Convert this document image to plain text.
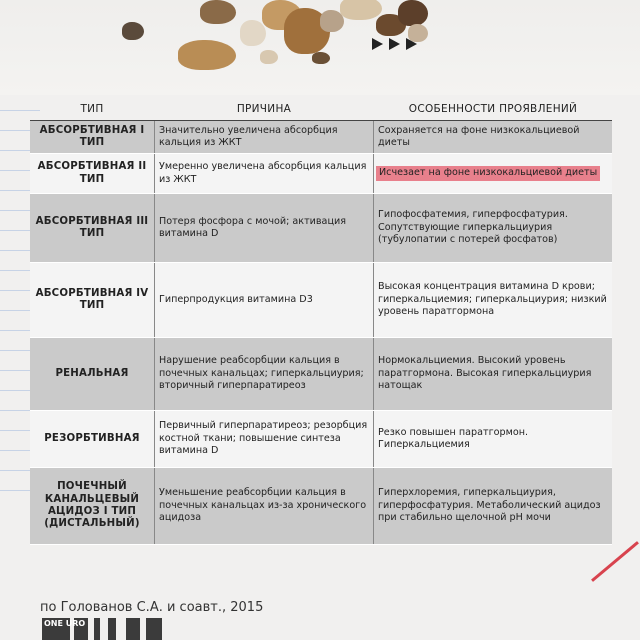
ТИП	ПРИЧИНА	ОСОБЕННОСТИ ПРОЯВЛЕНИЙ
АБСОРБТИВНАЯ I ТИП
Значительно увеличена абсорбция кальция из ЖКТ
Сохраняется на фоне низкокальциевой диеты
АБСОРБТИВНАЯ II ТИП
Умеренно увеличена абсорбция кальция из ЖКТ
Исчезает на фоне низкокальциевой диеты
АБСОРБТИВНАЯ III ТИП
Потеря фосфора с мочой; активация витамина D
Гипофосфатемия, гиперфосфатурия. Сопутствующие гиперкальциурия (тубулопатии с потерей фосфатов)
АБСОРБТИВНАЯ IV ТИП
Гиперпродукция витамина D3
Высокая концентрация витамина D крови; гиперкальциемия; гиперкальциурия; низкий уровень паратгормона
РЕНАЛЬНАЯ
Нарушение реабсорбции кальция в почечных канальцах; гиперкальциурия; вторичный гиперпаратиреоз
Нормокальциемия. Высокий уровень паратгормона. Высокая гиперкальциурия натощак
РЕЗОРБТИВНАЯ
Первичный гиперпаратиреоз; резорбция костной ткани; повышение синтеза витамина D
Резко повышен паратгормон. Гиперкальциемия
ПОЧЕЧНЫЙ КАНАЛЬЦЕВЫЙ АЦИДОЗ I ТИП (ДИСТАЛЬНЫЙ)
Уменьшение реабсорбции кальция в почечных канальцах из-за хронического ацидоза
Гиперхлоремия, гиперкальциурия, гиперфосфатурия. Метаболический ацидоз при стабильно щелочной pH мочи
по Голованов С.А. и соавт., 2015
ONE URO
